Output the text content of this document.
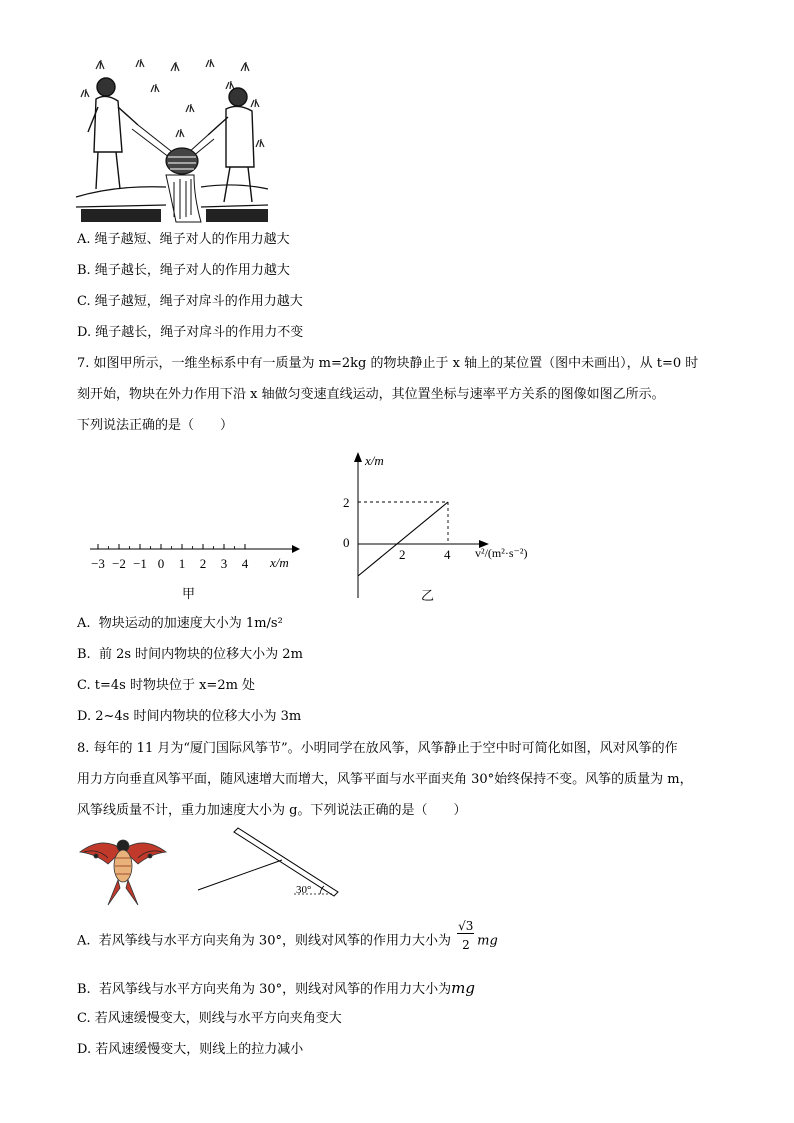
A. 绳子越短、绳子对人的作用力越大
B. 绳子越长，绳子对人的作用力越大
C. 绳子越短，绳子对戽斗的作用力越大
D. 绳子越长，绳子对戽斗的作用力不变
7. 如图甲所示，一维坐标系中有一质量为 m=2kg 的物块静止于 x 轴上的某位置（图中未画出），从 t=0 时
刻开始，物块在外力作用下沿 x 轴做匀变速直线运动，其位置坐标与速率平方关系的图像如图乙所示。
下列说法正确的是（　　）
−3 −2 −1 0 1 2 3 4 x/m
甲
x/m
2
0
2	4 v²/(m²·s⁻²)
乙
A. 物块运动的加速度大小为 1m/s²
B. 前 2s 时间内物块的位移大小为 2m
C. t=4s 时物块位于 x=2m 处
D. 2~4s 时间内物块的位移大小为 3m
8. 每年的 11 月为“厦门国际风筝节”。小明同学在放风筝，风筝静止于空中时可简化如图，风对风筝的作
用力方向垂直风筝平面，随风速增大而增大，风筝平面与水平面夹角 30°始终保持不变。风筝的质量为 m，
风筝线质量不计，重力加速度大小为 g。下列说法正确的是（　　）
30°
A. 若风筝线与水平方向夹角为 30°，则线对风筝的作用力大小为 $\frac{√3}{2}$ mg
B. 若风筝线与水平方向夹角为 30°，则线对风筝的作用力大小为mg
C. 若风速缓慢变大，则线与水平方向夹角变大
D. 若风速缓慢变大，则线上的拉力减小
